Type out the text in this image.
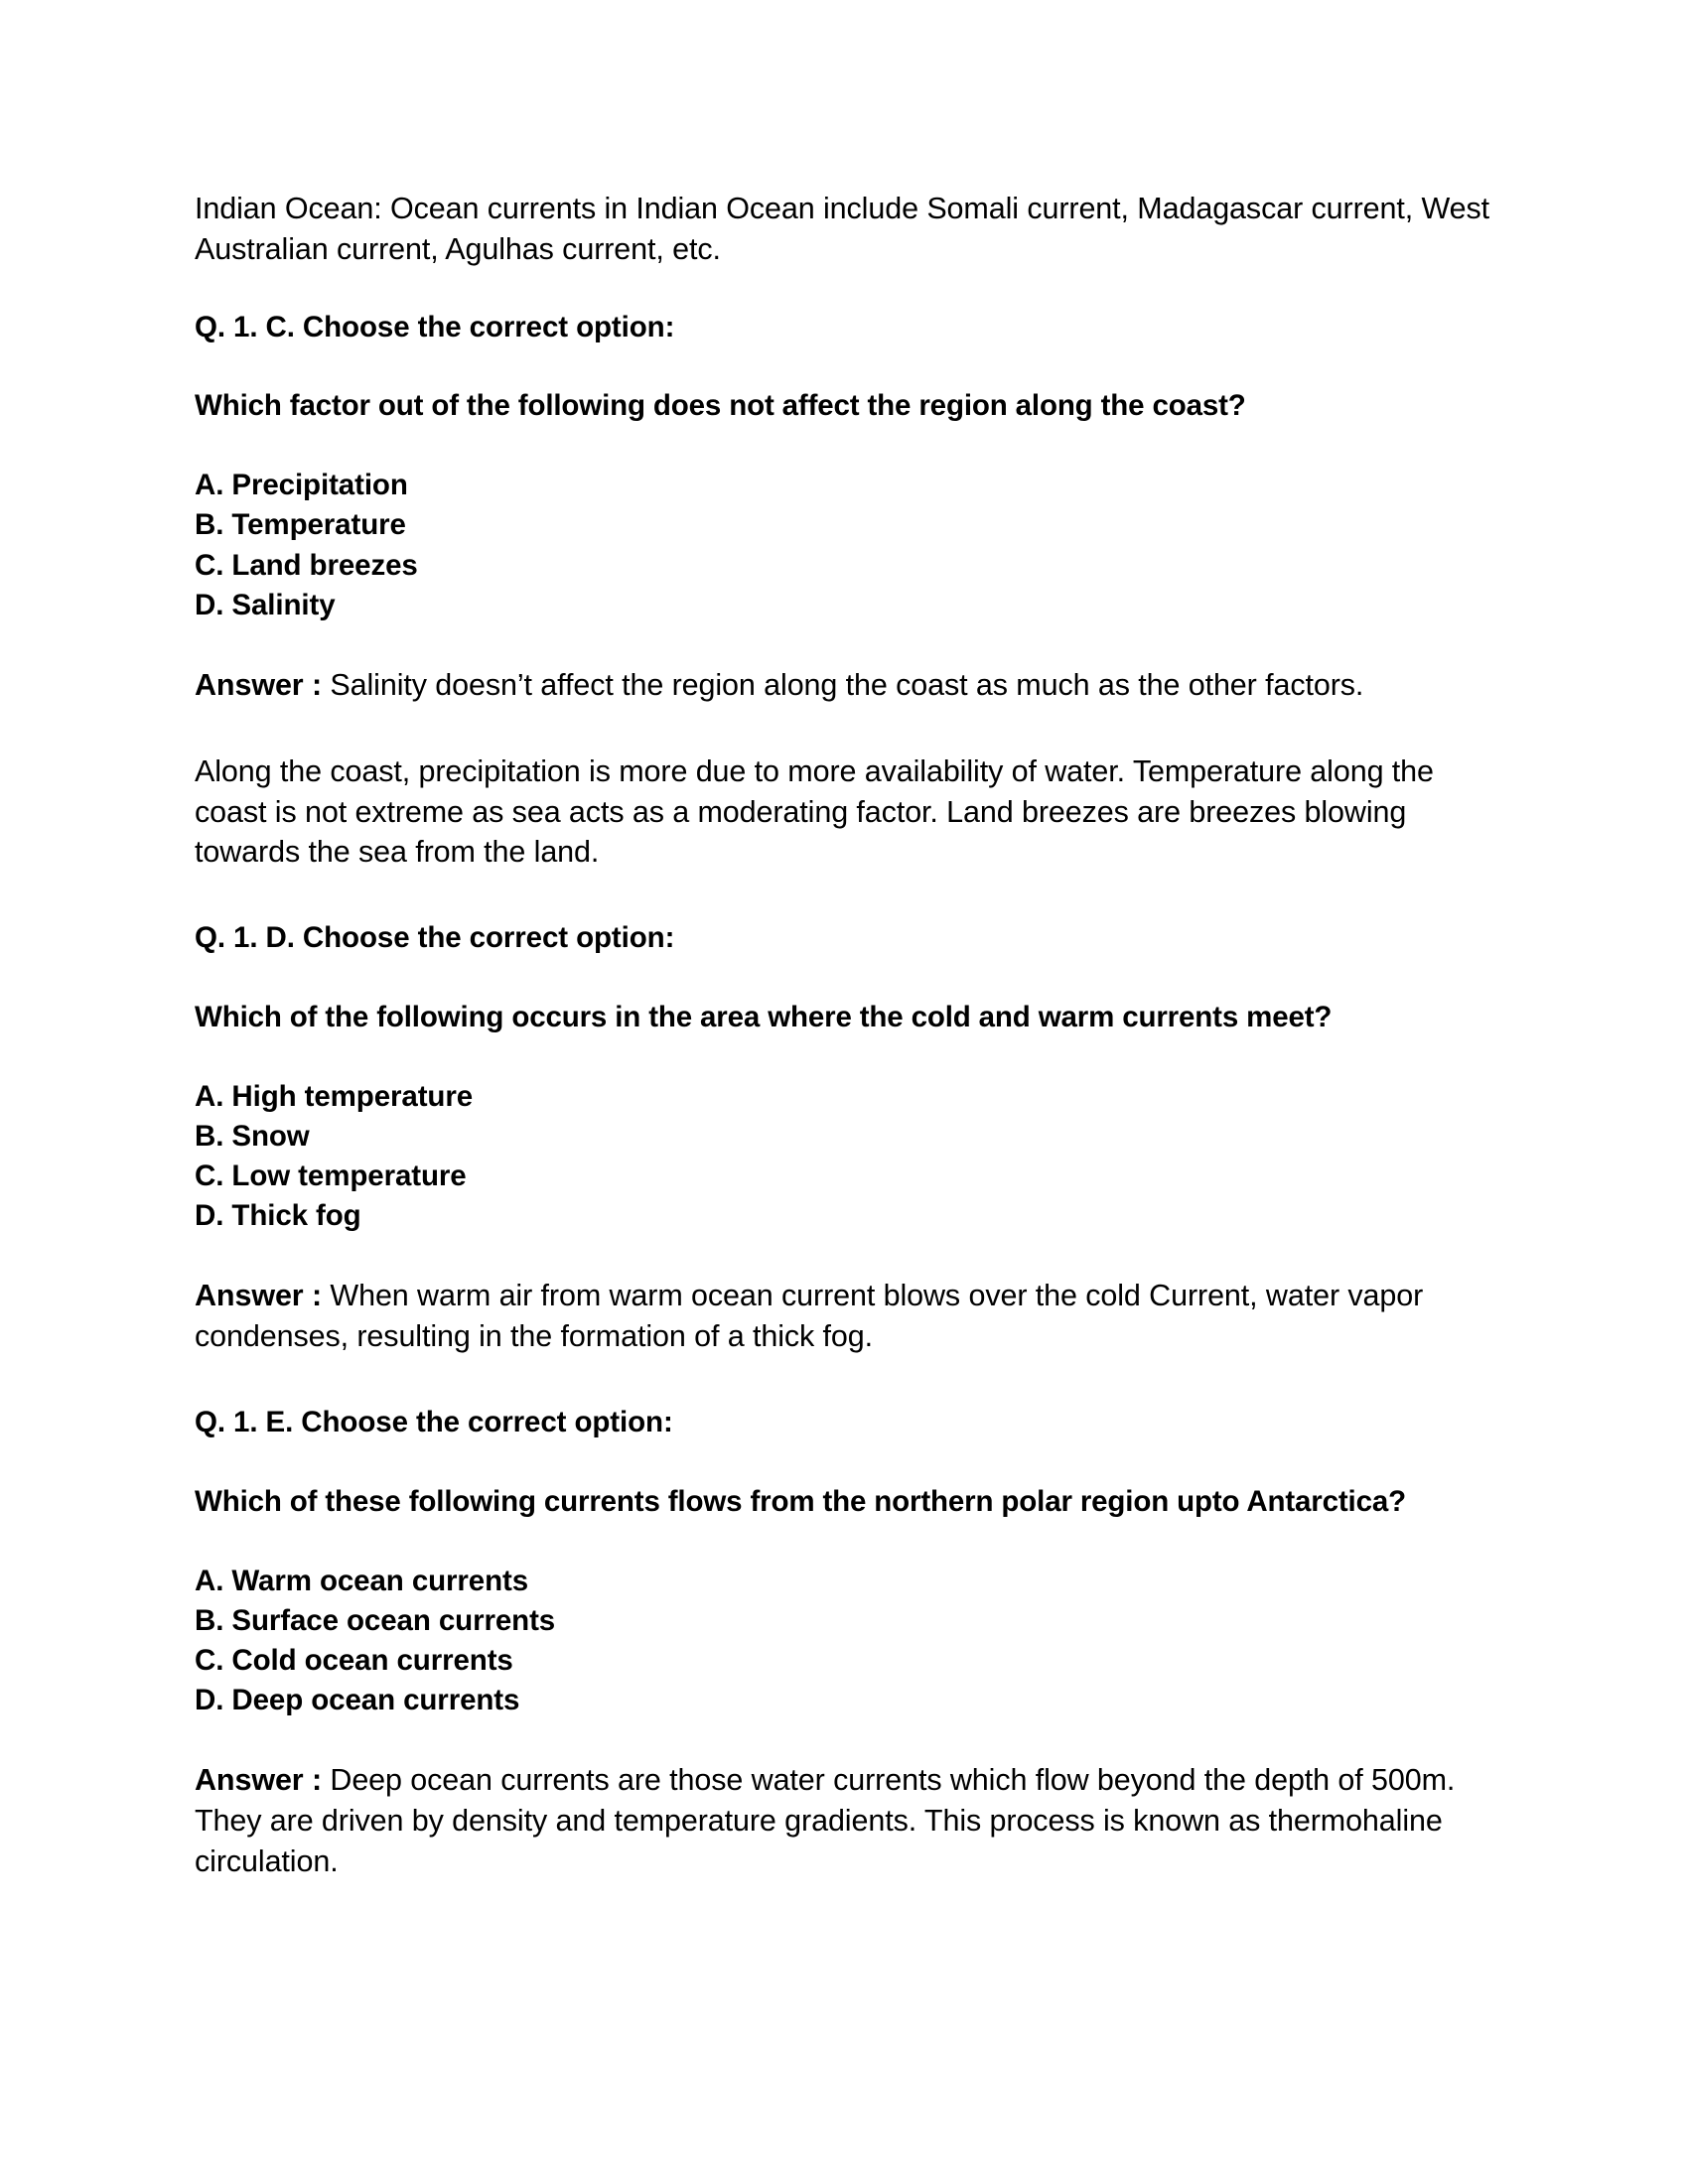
Indian Ocean: Ocean currents in Indian Ocean include Somali current, Madagascar current, West Australian current, Agulhas current, etc.

Q. 1. C. Choose the correct option:

Which factor out of the following does not affect the region along the coast?

A. Precipitation
B. Temperature
C. Land breezes
D. Salinity

Answer : Salinity doesn’t affect the region along the coast as much as the other factors.

Along the coast, precipitation is more due to more availability of water. Temperature along the coast is not extreme as sea acts as a moderating factor. Land breezes are breezes blowing towards the sea from the land.

Q. 1. D. Choose the correct option:

Which of the following occurs in the area where the cold and warm currents meet?

A. High temperature
B. Snow
C. Low temperature
D. Thick fog

Answer : When warm air from warm ocean current blows over the cold Current, water vapor condenses, resulting in the formation of a thick fog.

Q. 1. E. Choose the correct option:

Which of these following currents flows from the northern polar region upto Antarctica?

A. Warm ocean currents
B. Surface ocean currents
C. Cold ocean currents
D. Deep ocean currents

Answer : Deep ocean currents are those water currents which flow beyond the depth of 500m. They are driven by density and temperature gradients. This process is known as thermohaline circulation.
